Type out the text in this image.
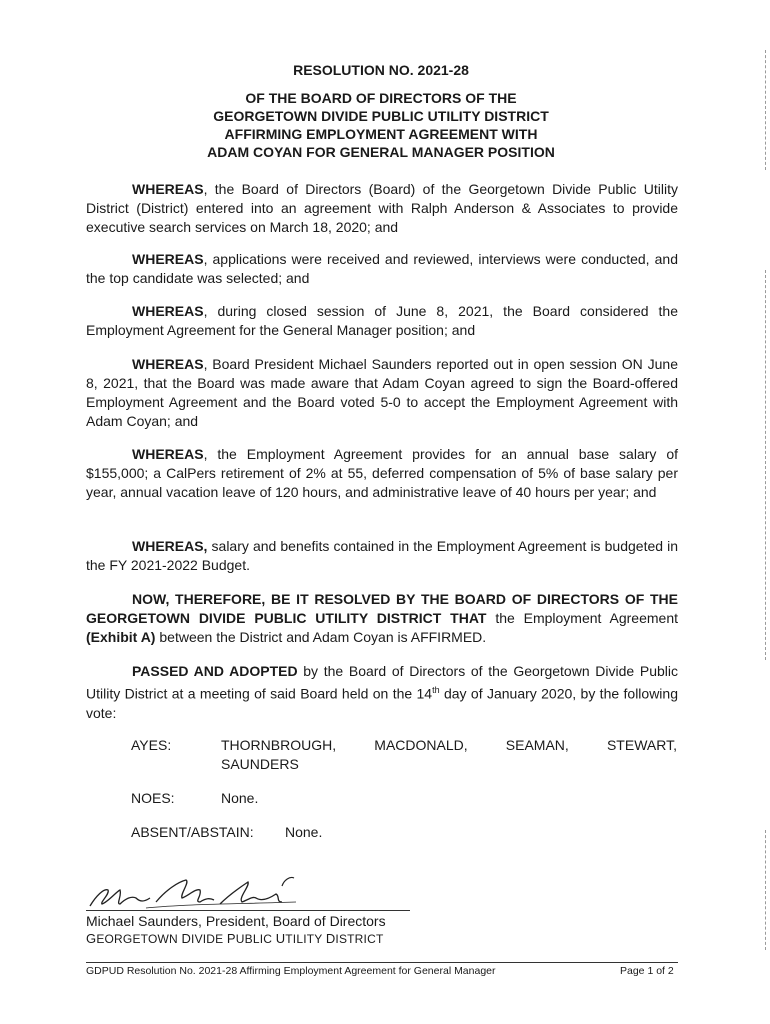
RESOLUTION NO. 2021-28
OF THE BOARD OF DIRECTORS OF THE
GEORGETOWN DIVIDE PUBLIC UTILITY DISTRICT
AFFIRMING EMPLOYMENT AGREEMENT WITH
ADAM COYAN FOR GENERAL MANAGER POSITION

WHEREAS, the Board of Directors (Board) of the Georgetown Divide Public Utility District (District) entered into an agreement with Ralph Anderson & Associates to provide executive search services on March 18, 2020; and

WHEREAS, applications were received and reviewed, interviews were conducted, and the top candidate was selected; and

WHEREAS, during closed session of June 8, 2021, the Board considered the Employment Agreement for the General Manager position; and

WHEREAS, Board President Michael Saunders reported out in open session ON June 8, 2021, that the Board was made aware that Adam Coyan agreed to sign the Board-offered Employment Agreement and the Board voted 5-0 to accept the Employment Agreement with Adam Coyan; and

WHEREAS, the Employment Agreement provides for an annual base salary of $155,000; a CalPers retirement of 2% at 55, deferred compensation of 5% of base salary per year, annual vacation leave of 120 hours, and administrative leave of 40 hours per year; and

WHEREAS, salary and benefits contained in the Employment Agreement is budgeted in the FY 2021-2022 Budget.

NOW, THEREFORE, BE IT RESOLVED BY THE BOARD OF DIRECTORS OF THE GEORGETOWN DIVIDE PUBLIC UTILITY DISTRICT THAT the Employment Agreement (Exhibit A) between the District and Adam Coyan is AFFIRMED.

PASSED AND ADOPTED by the Board of Directors of the Georgetown Divide Public Utility District at a meeting of said Board held on the 14th day of January 2020, by the following vote:

AYES:	THORNBROUGH,	MACDONALD,	SEAMAN,	STEWART,
SAUNDERS
NOES:	None.
ABSENT/ABSTAIN: None.
Michael Saunders, President, Board of Directors
GEORGETOWN DIVIDE PUBLIC UTILITY DISTRICT
GDPUD Resolution No. 2021-28 Affirming Employment Agreement for General Manager	Page 1 of 2
